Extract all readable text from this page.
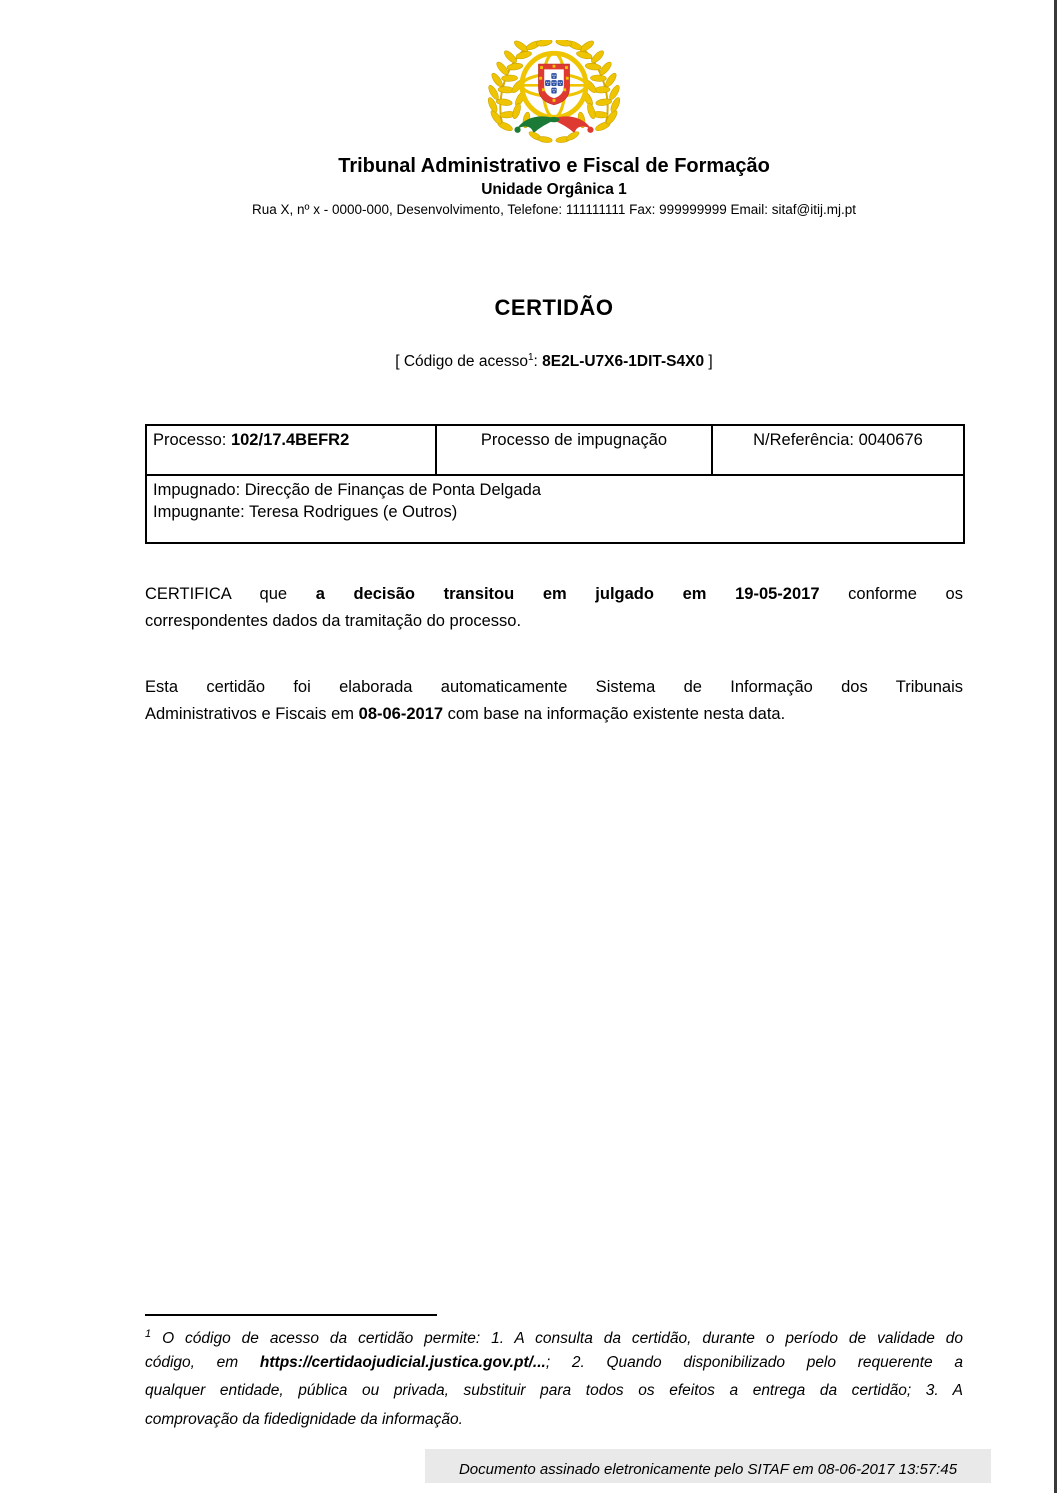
Tribunal Administrativo e Fiscal de Formação
Unidade Orgânica 1
Rua X, nº x - 0000-000, Desenvolvimento, Telefone: 111111111 Fax: 999999999 Email: sitaf@itij.mj.pt
CERTIDÃO
[ Código de acesso$^1$: 8E2L-U7X6-1DIT-S4X0 ]
Processo: 102/17.4BEFR2	Processo de impugnação	N/Referência: 0040676

Impugnado: Direcção de Finanças de Ponta Delgada
Impugnante: Teresa Rodrigues (e Outros)
CERTIFICA que a decisão transitou em julgado em 19-05-2017 conforme os
correspondentes dados da tramitação do processo.
Esta certidão foi elaborada automaticamente Sistema de Informação dos Tribunais
Administrativos e Fiscais em 08-06-2017 com base na informação existente nesta data.
$^1$ O código de acesso da certidão permite: 1. A consulta da certidão, durante o período de validade do
código, em https://certidaojudicial.justica.gov.pt/...; 2. Quando disponibilizado pelo requerente a
qualquer entidade, pública ou privada, substituir para todos os efeitos a entrega da certidão; 3. A
comprovação da fidedignidade da informação.
Documento assinado eletronicamente pelo SITAF em 08-06-2017 13:57:45
